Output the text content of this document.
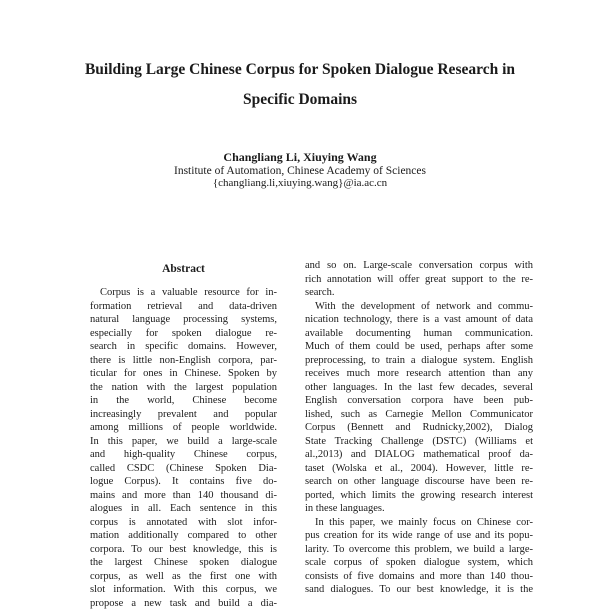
Building Large Chinese Corpus for Spoken Dialogue Research in
Specific Domains
Changliang Li, Xiuying Wang
Institute of Automation, Chinese Academy of Sciences
{changliang.li,xiuying.wang}@ia.ac.cn
Abstract
Corpus is a valuable resource for in-
formation retrieval and data-driven
natural language processing systems,
especially for spoken dialogue re-
search in specific domains. However,
there is little non-English corpora, par-
ticular for ones in Chinese. Spoken by
the nation with the largest population
in the world, Chinese become
increasingly prevalent and popular
among millions of people worldwide.
In this paper, we build a large-scale
and high-quality Chinese corpus,
called CSDC (Chinese Spoken Dia-
logue Corpus). It contains five do-
mains and more than 140 thousand di-
alogues in all. Each sentence in this
corpus is annotated with slot infor-
mation additionally compared to other
corpora. To our best knowledge, this is
the largest Chinese spoken dialogue
corpus, as well as the first one with
slot information. With this corpus, we
propose a new task and build a dia-
and so on. Large-scale conversation corpus with
rich annotation will offer great support to the re-
search.
With the development of network and commu-
nication technology, there is a vast amount of data
available documenting human communication.
Much of them could be used, perhaps after some
preprocessing, to train a dialogue system. English
receives much more research attention than any
other languages. In the last few decades, several
English conversation corpora have been pub-
lished, such as Carnegie Mellon Communicator
Corpus (Bennett and Rudnicky,2002), Dialog
State Tracking Challenge (DSTC) (Williams et
al.,2013) and DIALOG mathematical proof da-
taset (Wolska et al., 2004). However, little re-
search on other language discourse have been re-
ported, which limits the growing research interest
in these languages.
In this paper, we mainly focus on Chinese cor-
pus creation for its wide range of use and its popu-
larity. To overcome this problem, we build a large-
scale corpus of spoken dialogue system, which
consists of five domains and more than 140 thou-
sand dialogues. To our best knowledge, it is the
